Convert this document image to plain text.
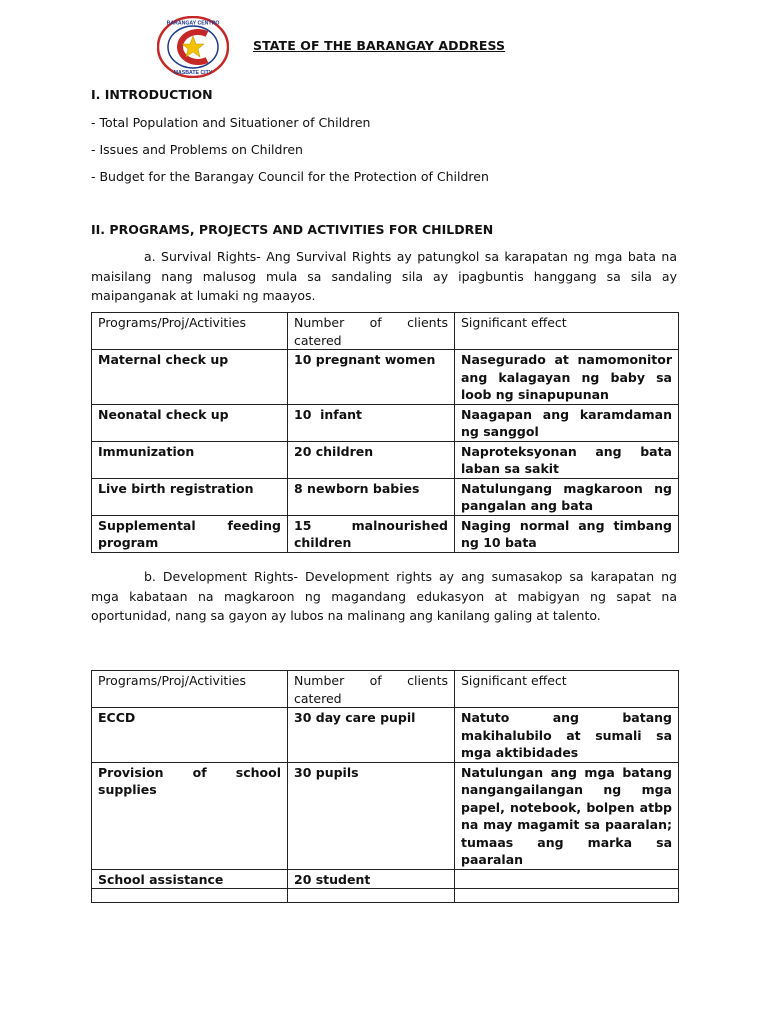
BARANGAY CENTRO
MASBATE CITY
STATE OF THE BARANGAY ADDRESS
I. INTRODUCTION
- Total Population and Situationer of Children
- Issues and Problems on Children
- Budget for the Barangay Council for the Protection of Children
II. PROGRAMS, PROJECTS AND ACTIVITIES FOR CHILDREN
a. Survival Rights- Ang Survival Rights ay patungkol sa karapatan ng mga bata na maisilang nang malusog mula sa sandaling sila ay ipagbuntis hanggang sa sila ay maipanganak at lumaki ng maayos.
Programs/Proj/Activities	Number of clients catered	Significant effect
Maternal check up	10 pregnant women	Nasegurado at namomonitor ang kalagayan ng baby sa loob ng sinapupunan
Neonatal check up	10  infant	Naagapan ang karamdaman ng sanggol
Immunization	20 children	Naproteksyonan ang bata laban sa sakit
Live birth registration	8 newborn babies	Natulungang magkaroon ng pangalan ang bata
Supplemental feeding program	15 malnourished children	Naging normal ang timbang ng 10 bata
b. Development Rights- Development rights ay ang sumasakop sa karapatan ng mga kabataan na magkaroon ng magandang edukasyon at mabigyan ng sapat na oportunidad, nang sa gayon ay lubos na malinang ang kanilang galing at talento.
Programs/Proj/Activities	Number of clients catered	Significant effect
ECCD	30 day care pupil	Natuto ang batang makihalubilo at sumali sa mga aktibidades
Provision of school supplies	30 pupils	Natulungan ang mga batang nangangailangan ng mga papel, notebook, bolpen atbp na may magamit sa paaralan; tumaas ang marka sa paaralan
School assistance	20 student	
